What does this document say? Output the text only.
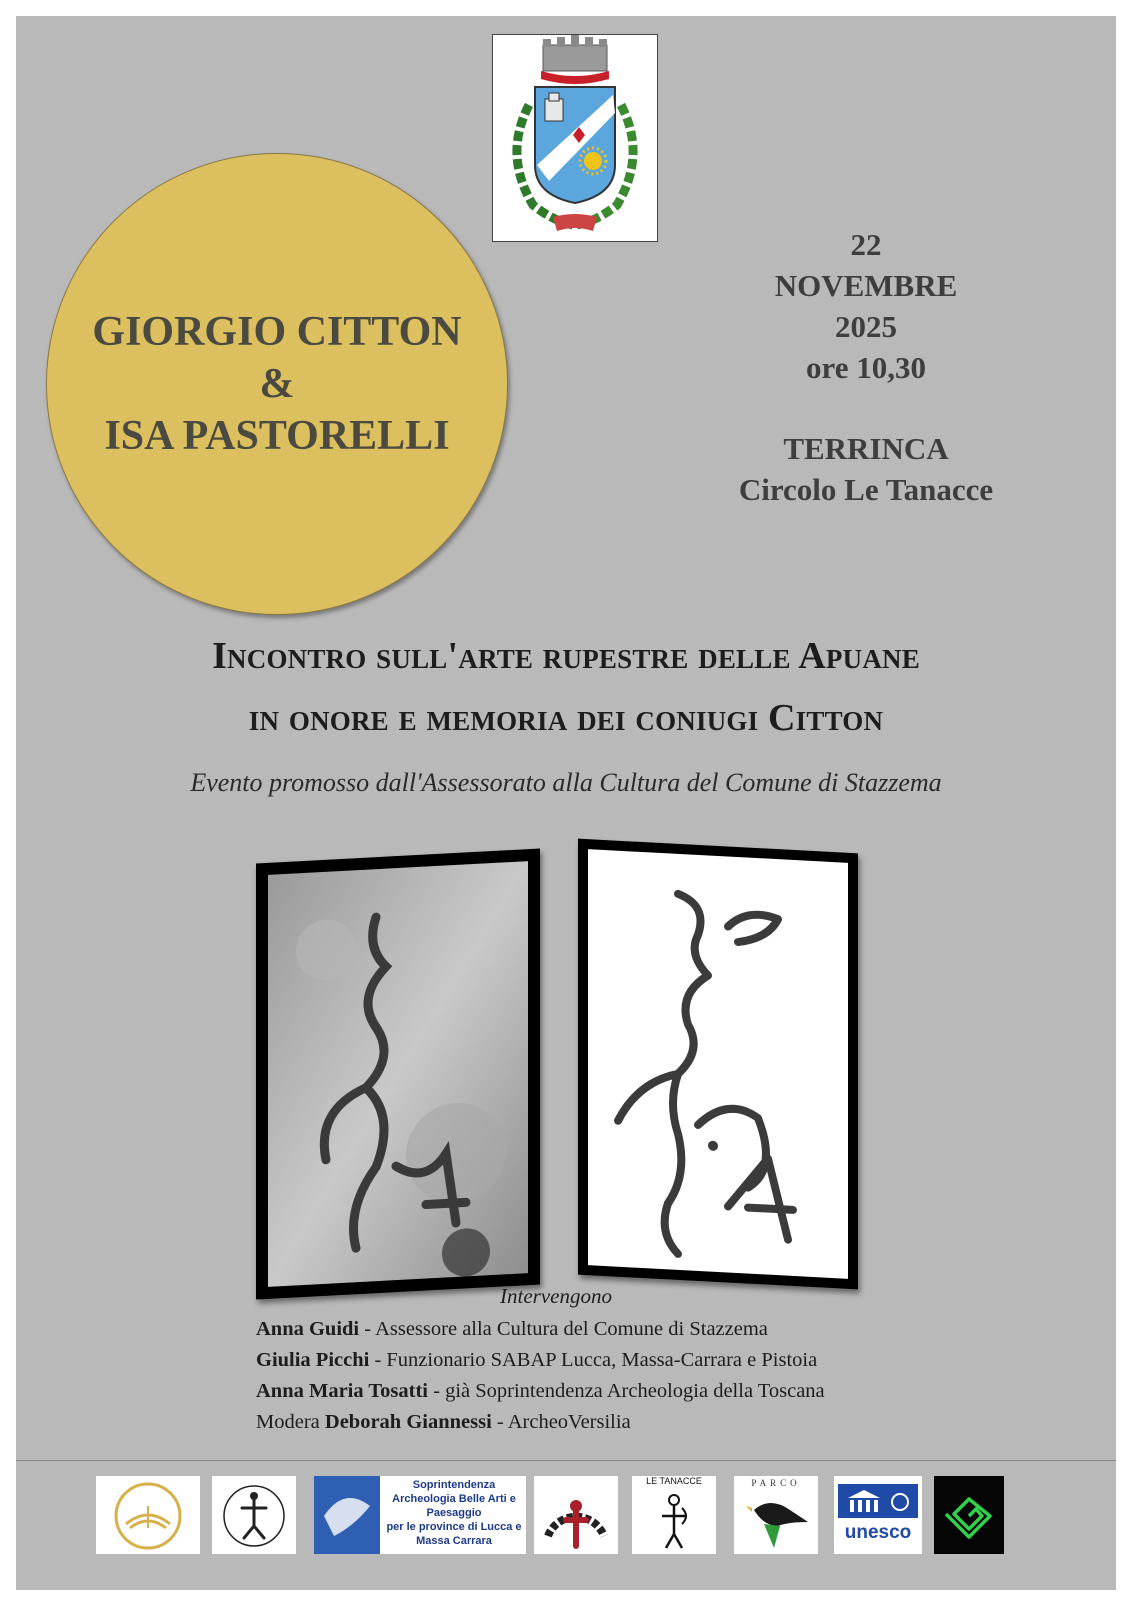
GIORGIO CITTON
&
ISA PASTORELLI
22
NOVEMBRE
2025
ore 10,30
TERRINCA
Circolo Le Tanacce
Incontro sull'arte rupestre delle Apuane
in onore e memoria dei coniugi Citton
Evento promosso dall'Assessorato alla Cultura del Comune di Stazzema
Intervengono
Anna Guidi - Assessore alla Cultura del Comune di Stazzema
Giulia Picchi - Funzionario SABAP Lucca, Massa-Carrara e Pistoia
Anna Maria Tosatti - già Soprintendenza Archeologia della Toscana
Modera Deborah Giannessi - ArcheoVersilia
Soprintendenza
Archeologia Belle Arti e
Paesaggio
per le province di Lucca e
Massa Carrara
LE TANACCE	PARCO
unesco
